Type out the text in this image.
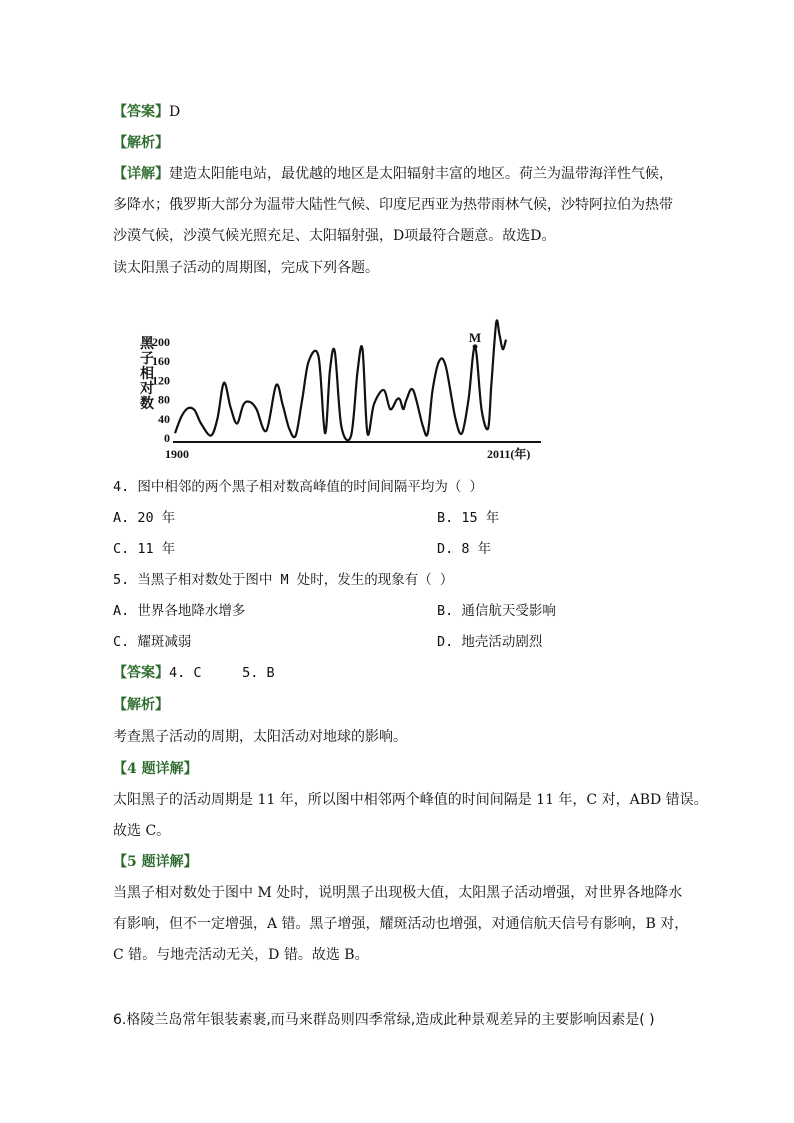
【答案】D
【解析】
【详解】建造太阳能电站，最优越的地区是太阳辐射丰富的地区。荷兰为温带海洋性气候，
多降水；俄罗斯大部分为温带大陆性气候、印度尼西亚为热带雨林气候，沙特阿拉伯为热带
沙漠气候，沙漠气候光照充足、太阳辐射强，D项最符合题意。故选D。
读太阳黑子活动的周期图，完成下列各题。
黑子相对数
200
160
120
80
40
0
1900	2011(年)
M
4. 图中相邻的两个黑子相对数高峰值的时间间隔平均为（ ）
A. 20 年	B. 15 年
C. 11 年	D. 8 年
5. 当黑子相对数处于图中 M 处时，发生的现象有（ ）
A. 世界各地降水增多	B. 通信航天受影响
C. 耀斑减弱	D. 地壳活动剧烈
【答案】4. C     5. B
【解析】
考查黑子活动的周期，太阳活动对地球的影响。
【4 题详解】
太阳黑子的活动周期是 11 年，所以图中相邻两个峰值的时间间隔是 11 年，C 对，ABD 错误。
故选 C。
【5 题详解】
当黑子相对数处于图中 M 处时，说明黑子出现极大值，太阳黑子活动增强，对世界各地降水
有影响，但不一定增强，A 错。黑子增强，耀斑活动也增强，对通信航天信号有影响，B 对，
C 错。与地壳活动无关，D 错。故选 B。
6.格陵兰岛常年银装素裹,而马来群岛则四季常绿,造成此种景观差异的主要影响因素是( )
